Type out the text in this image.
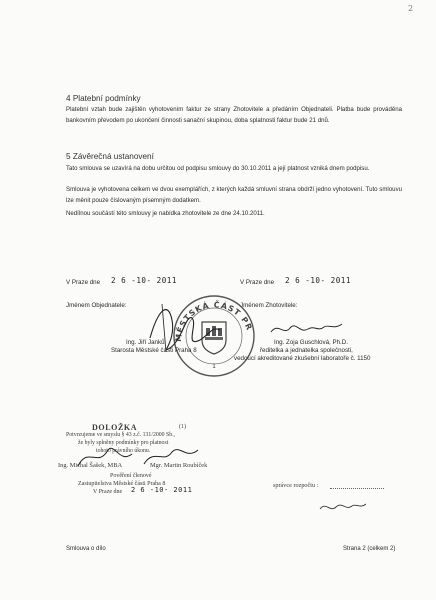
2
4 Platební podmínky

Platební vztah bude zajištěn vyhotovením faktur ze strany Zhotovitele a předáním Objednateli. Platba bude prováděna bankovním převodem po ukončení činnosti sanační skupinou, doba splatnosti faktur bude 21 dnů.

5 Závěrečná ustanovení

Tato smlouva se uzavírá na dobu určitou od podpisu smlouvy do 30.10.2011 a její platnost vzniká dnem podpisu.

Smlouva je vyhotovena celkem ve dvou exemplářích, z kterých každá smluvní strana obdrží jedno vyhotovení. Tuto smlouvu lze měnit pouze číslovaným písemným dodatkem.

Nedílnou součástí této smlouvy je nabídka zhotovitele ze dne 24.10.2011.

V Praze dne 2 6 -10- 2011	V Praze dne 2 6 -10- 2011
Jménem Objednatele:	Jménem Zhotovitele:
MĚSTSKÁ ČÁST PRAHA 8
1
Ing. Jiří Janků
Starosta Městské části Praha 8
Ing. Zoja Guschlová, Ph.D.
ředitelka a jednatelka společnosti,
vedoucí akreditované zkušební laboratoře č. 1150
DOLOŽKA	(1)
Potvrzujeme ve smyslu § 43 z.č. 131/2000 Sb.,
že byly splněny podmínky pro platnost
tohoto právního úkonu.
Ing. Michal Šašek, MBA	Mgr. Martin Roubíček
Pověření členové
Zastupitelstva Městské části Praha 8
V Praze dne 2 6 -10- 2011
správce rozpočtu :
Smlouva o dílo	Strana 2 (celkem 2)
